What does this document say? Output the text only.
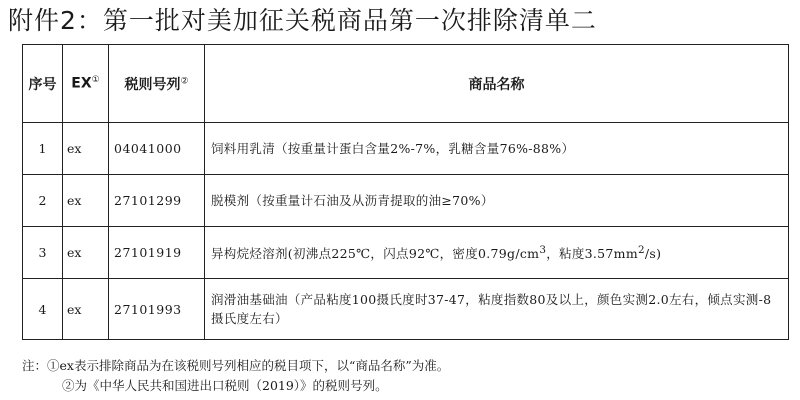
附件2：第一批对美加征关税商品第一次排除清单二
序号	EX①	税则号列②	商品名称
1	ex	04041000	饲料用乳清（按重量计蛋白含量2%-7%，乳糖含量76%-88%）
2	ex	27101299	脱模剂（按重量计石油及从沥青提取的油≥70%）
3	ex	27101919	异构烷烃溶剂(初沸点225℃，闪点92℃，密度$0.79g/cm^3$，粘度$3.57mm^2/s$)
4	ex	27101993	润滑油基础油（产品粘度100摄氏度时37-47，粘度指数80及以上，颜色实测2.0左右，倾点实测-8摄氏度左右）
注：①ex表示排除商品为在该税则号列相应的税目项下，以“商品名称”为准。
②为《中华人民共和国进出口税则（2019）》的税则号列。
